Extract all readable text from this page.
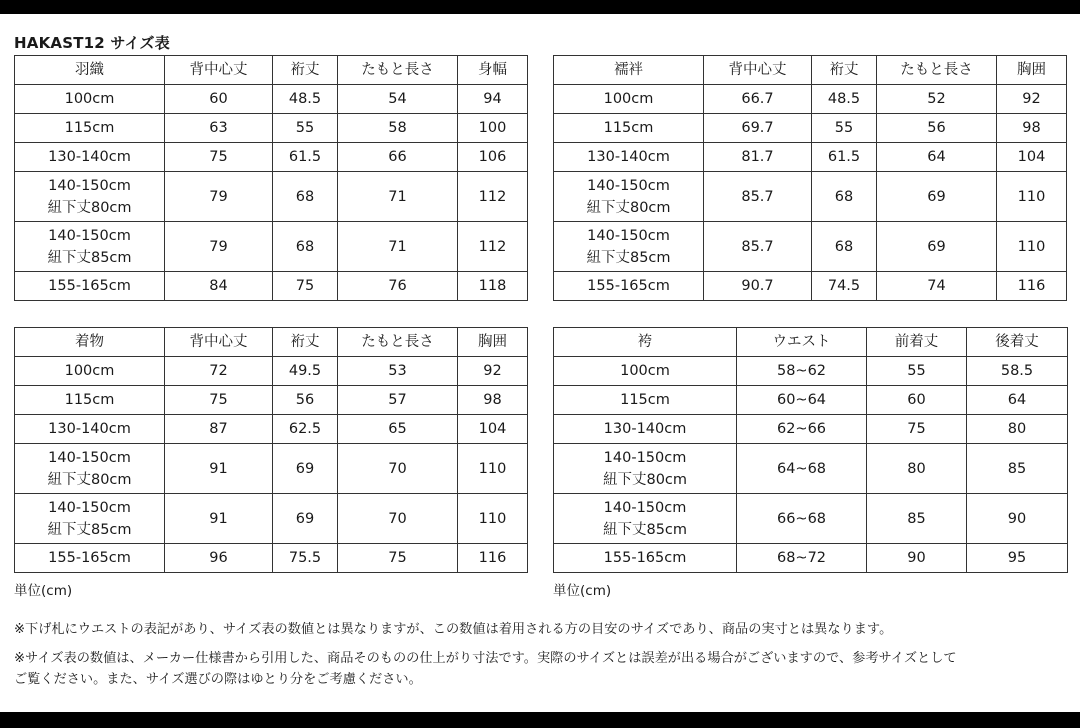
HAKAST12 サイズ表
羽織	背中心丈	裄丈	たもと長さ	身幅

100cm	60	48.5	54	94

115cm	63	55	58	100

130-140cm	75	61.5	66	106

140-150cm
紐下丈80cm	79	68	71	112

140-150cm
紐下丈85cm	79	68	71	112

155-165cm	84	75	76	118
襦袢	背中心丈	裄丈	たもと長さ	胸囲

100cm	66.7	48.5	52	92

115cm	69.7	55	56	98

130-140cm	81.7	61.5	64	104

140-150cm
紐下丈80cm	85.7	68	69	110

140-150cm
紐下丈85cm	85.7	68	69	110

155-165cm	90.7	74.5	74	116
着物	背中心丈	裄丈	たもと長さ	胸囲

100cm	72	49.5	53	92

115cm	75	56	57	98

130-140cm	87	62.5	65	104

140-150cm
紐下丈80cm	91	69	70	110

140-150cm
紐下丈85cm	91	69	70	110

155-165cm	96	75.5	75	116
袴	ウエスト	前着丈	後着丈

100cm	58~62	55	58.5

115cm	60~64	60	64

130-140cm	62~66	75	80

140-150cm
紐下丈80cm	64~68	80	85

140-150cm
紐下丈85cm	66~68	85	90

155-165cm	68~72	90	95
単位(cm)	単位(cm)
※下げ札にウエストの表記があり、サイズ表の数値とは異なりますが、この数値は着用される方の目安のサイズであり、商品の実寸とは異なります。
※サイズ表の数値は、メーカー仕様書から引用した、商品そのものの仕上がり寸法です。実際のサイズとは誤差が出る場合がございますので、参考サイズとして
ご覧ください。また、サイズ選びの際はゆとり分をご考慮ください。
